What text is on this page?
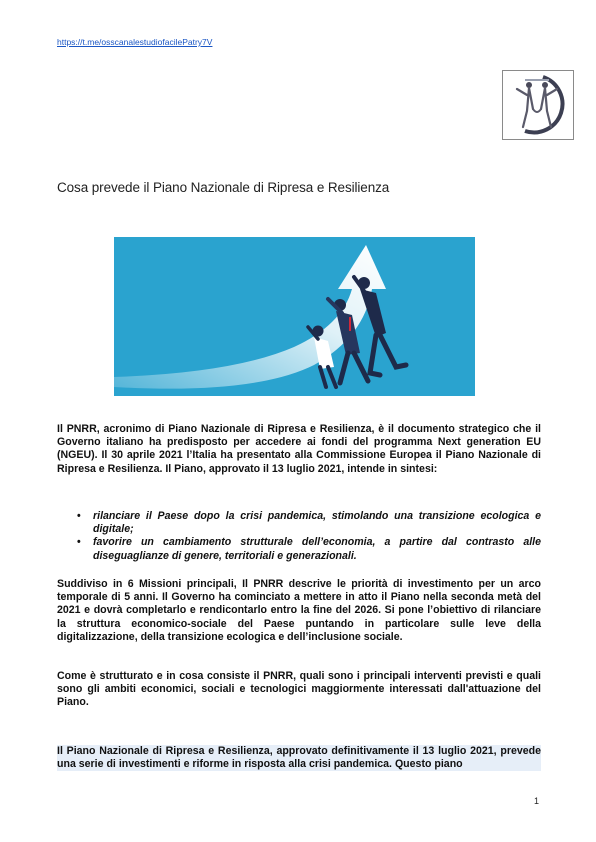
https://t.me/osscanalestudiofacilePatry7V
Cosa prevede il Piano Nazionale di Ripresa e Resilienza

Il PNRR, acronimo di Piano Nazionale di Ripresa e Resilienza, è il documento strategico che il Governo italiano ha predisposto per accedere ai fondi del programma Next generation EU (NGEU). Il 30 aprile 2021 l’Italia ha presentato alla Commissione Europea il Piano Nazionale di Ripresa e Resilienza. Il Piano, approvato il 13 luglio 2021, intende in sintesi:

• rilanciare il Paese dopo la crisi pandemica, stimolando una transizione ecologica e digitale;
• favorire un cambiamento strutturale dell’economia, a partire dal contrasto alle diseguaglianze di genere, territoriali e generazionali.

Suddiviso in 6 Missioni principali, Il PNRR descrive le priorità di investimento per un arco temporale di 5 anni. Il Governo ha cominciato a mettere in atto il Piano nella seconda metà del 2021 e dovrà completarlo e rendicontarlo entro la fine del 2026. Si pone l’obiettivo di rilanciare la struttura economico-sociale del Paese puntando in particolare sulle leve della digitalizzazione, della transizione ecologica e dell’inclusione sociale.

Come è strutturato e in cosa consiste il PNRR, quali sono i principali interventi previsti e quali sono gli ambiti economici, sociali e tecnologici maggiormente interessati dall'attuazione del Piano.

Il Piano Nazionale di Ripresa e Resilienza, approvato definitivamente il 13 luglio 2021, prevede una serie di investimenti e riforme in risposta alla crisi pandemica. Questo piano

1
